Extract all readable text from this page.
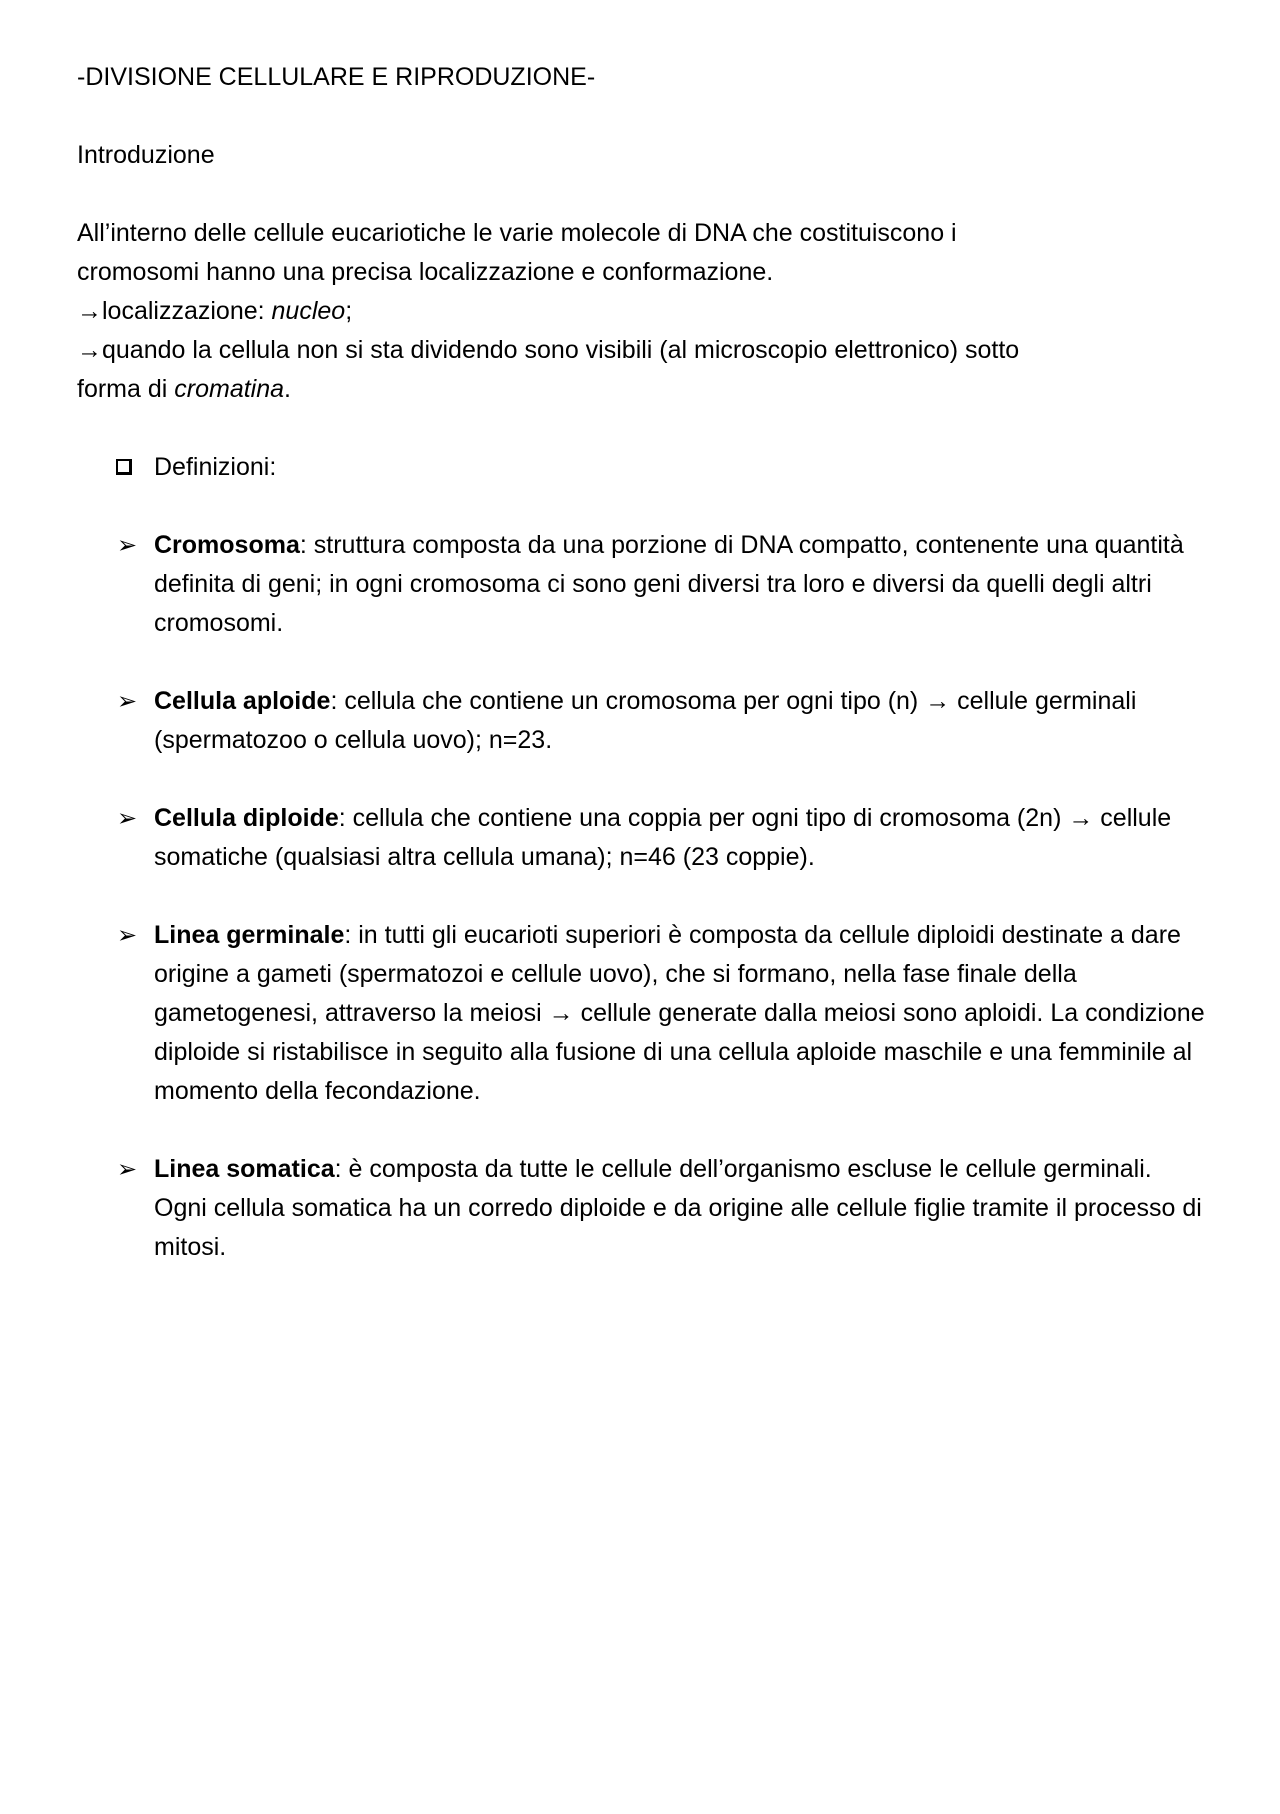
-DIVISIONE CELLULARE E RIPRODUZIONE-

Introduzione

All’interno delle cellule eucariotiche le varie molecole di DNA che costituiscono i

cromosomi hanno una precisa localizzazione e conformazione.

→localizzazione: nucleo;

→quando la cellula non si sta dividendo sono visibili (al microscopio elettronico) sotto

forma di cromatina.

Definizioni:
➢ Cromosoma: struttura composta da una porzione di DNA compatto, contenente una quantità definita di geni; in ogni cromosoma ci sono geni diversi tra loro e diversi da quelli degli altri cromosomi.
➢ Cellula aploide: cellula che contiene un cromosoma per ogni tipo (n) → cellule germinali (spermatozoo o cellula uovo); n=23.
➢ Cellula diploide: cellula che contiene una coppia per ogni tipo di cromosoma (2n) → cellule somatiche (qualsiasi altra cellula umana); n=46 (23 coppie).
➢ Linea germinale: in tutti gli eucarioti superiori è composta da cellule diploidi destinate a dare origine a gameti (spermatozoi e cellule uovo), che si formano, nella fase finale della gametogenesi, attraverso la meiosi → cellule generate dalla meiosi sono aploidi. La condizione diploide si ristabilisce in seguito alla fusione di una cellula aploide maschile e una femminile al momento della fecondazione.
➢ Linea somatica: è composta da tutte le cellule dell’organismo escluse le cellule germinali. Ogni cellula somatica ha un corredo diploide e da origine alle cellule figlie tramite il processo di mitosi.
